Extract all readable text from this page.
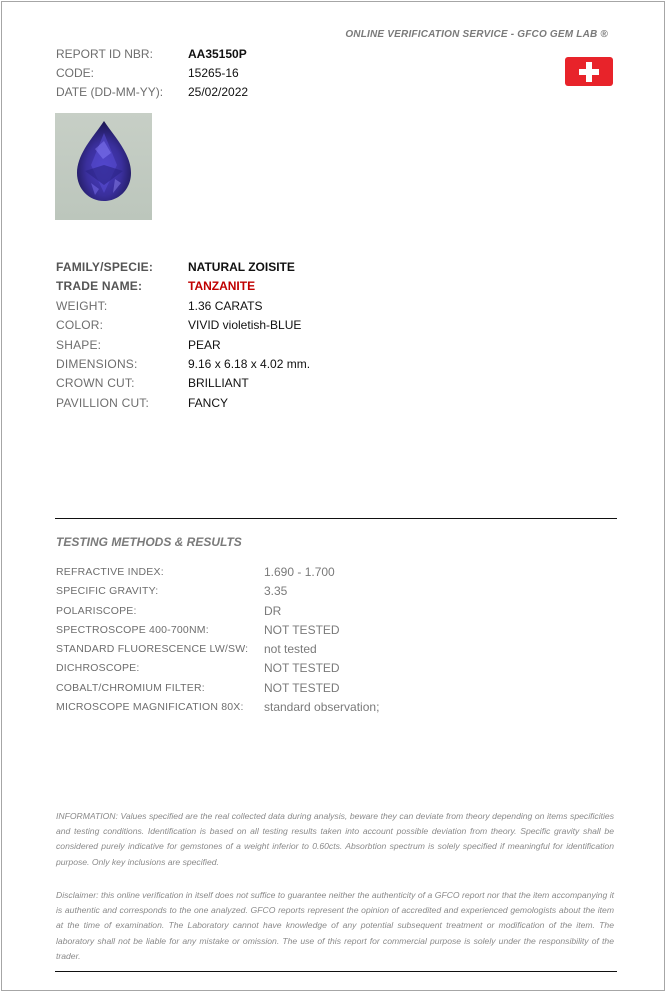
ONLINE VERIFICATION SERVICE - GFCO GEM LAB ®
REPORT ID NBR:	AA35150P
CODE:	15265-16
DATE (DD-MM-YY):	25/02/2022
FAMILY/SPECIE:	NATURAL ZOISITE
TRADE NAME:	TANZANITE
WEIGHT:	1.36 CARATS
COLOR:	VIVID violetish-BLUE
SHAPE:	PEAR
DIMENSIONS:	9.16 x 6.18 x 4.02 mm.
CROWN CUT:	BRILLIANT
PAVILLION CUT:	FANCY
TESTING METHODS & RESULTS
REFRACTIVE INDEX:	1.690 - 1.700
SPECIFIC GRAVITY:	3.35
POLARISCOPE:	DR
SPECTROSCOPE 400-700NM:	NOT TESTED
STANDARD FLUORESCENCE LW/SW:	not tested
DICHROSCOPE:	NOT TESTED
COBALT/CHROMIUM FILTER:	NOT TESTED
MICROSCOPE MAGNIFICATION 80X:	standard observation;
INFORMATION: Values specified are the real collected data during analysis, beware they can deviate from theory depending on items specificities and testing conditions. Identification is based on all testing results taken into account possible deviation from theory. Specific gravity shall be considered purely indicative for gemstones of a weight inferior to 0.60cts. Absorbtion spectrum is solely specified if meaningful for identification purpose. Only key inclusions are specified.
Disclaimer: this online verification in itself does not suffice to guarantee neither the authenticity of a GFCO report nor that the item accompanying it is authentic and corresponds to the one analyzed. GFCO reports represent the opinion of accredited and experienced gemologists about the item at the time of examination. The Laboratory cannot have knowledge of any potential subsequent treatment or modification of the item. The laboratory shall not be liable for any mistake or omission. The use of this report for commercial purpose is solely under the responsibility of the trader.
